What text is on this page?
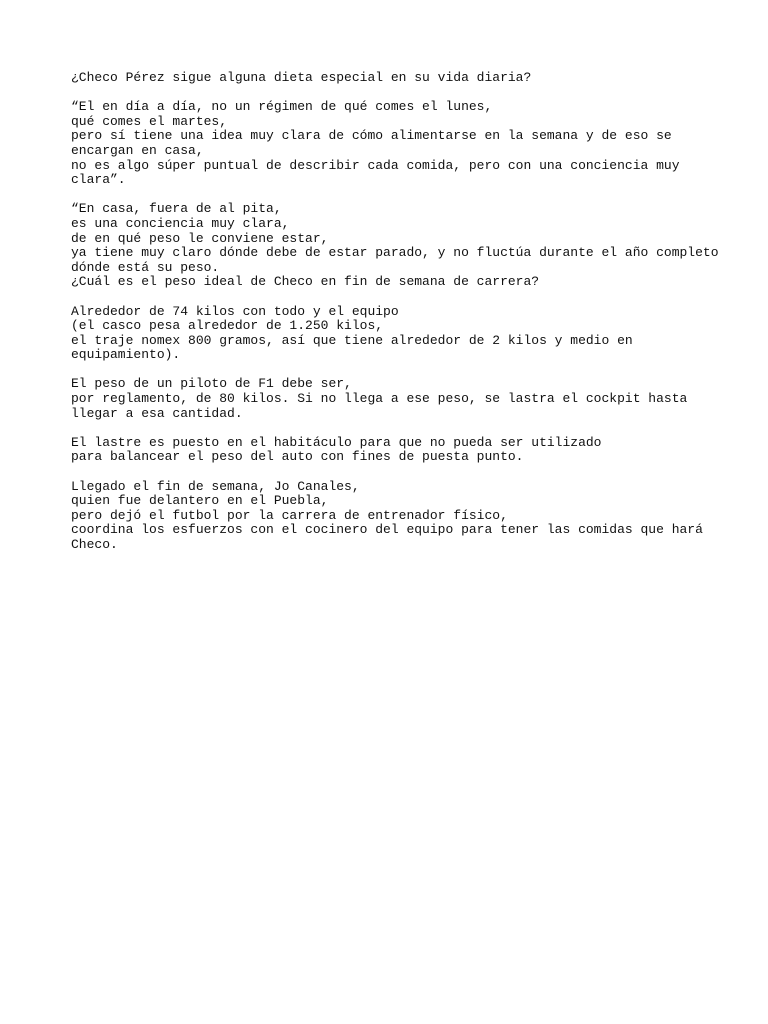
¿Checo Pérez sigue alguna dieta especial en su vida diaria?
“El en día a día, no un régimen de qué comes el lunes,
qué comes el martes,
pero sí tiene una idea muy clara de cómo alimentarse en la semana y de eso se
encargan en casa,
no es algo súper puntual de describir cada comida, pero con una conciencia muy
clara”.
“En casa, fuera de al pita,
es una conciencia muy clara,
de en qué peso le conviene estar,
ya tiene muy claro dónde debe de estar parado, y no fluctúa durante el año completo
dónde está su peso.
¿Cuál es el peso ideal de Checo en fin de semana de carrera?
Alrededor de 74 kilos con todo y el equipo
(el casco pesa alrededor de 1.250 kilos,
el traje nomex 800 gramos, así que tiene alrededor de 2 kilos y medio en
equipamiento).
El peso de un piloto de F1 debe ser,
por reglamento, de 80 kilos. Si no llega a ese peso, se lastra el cockpit hasta
llegar a esa cantidad.
El lastre es puesto en el habitáculo para que no pueda ser utilizado
para balancear el peso del auto con fines de puesta punto.
Llegado el fin de semana, Jo Canales,
quien fue delantero en el Puebla,
pero dejó el futbol por la carrera de entrenador físico,
coordina los esfuerzos con el cocinero del equipo para tener las comidas que hará
Checo.
